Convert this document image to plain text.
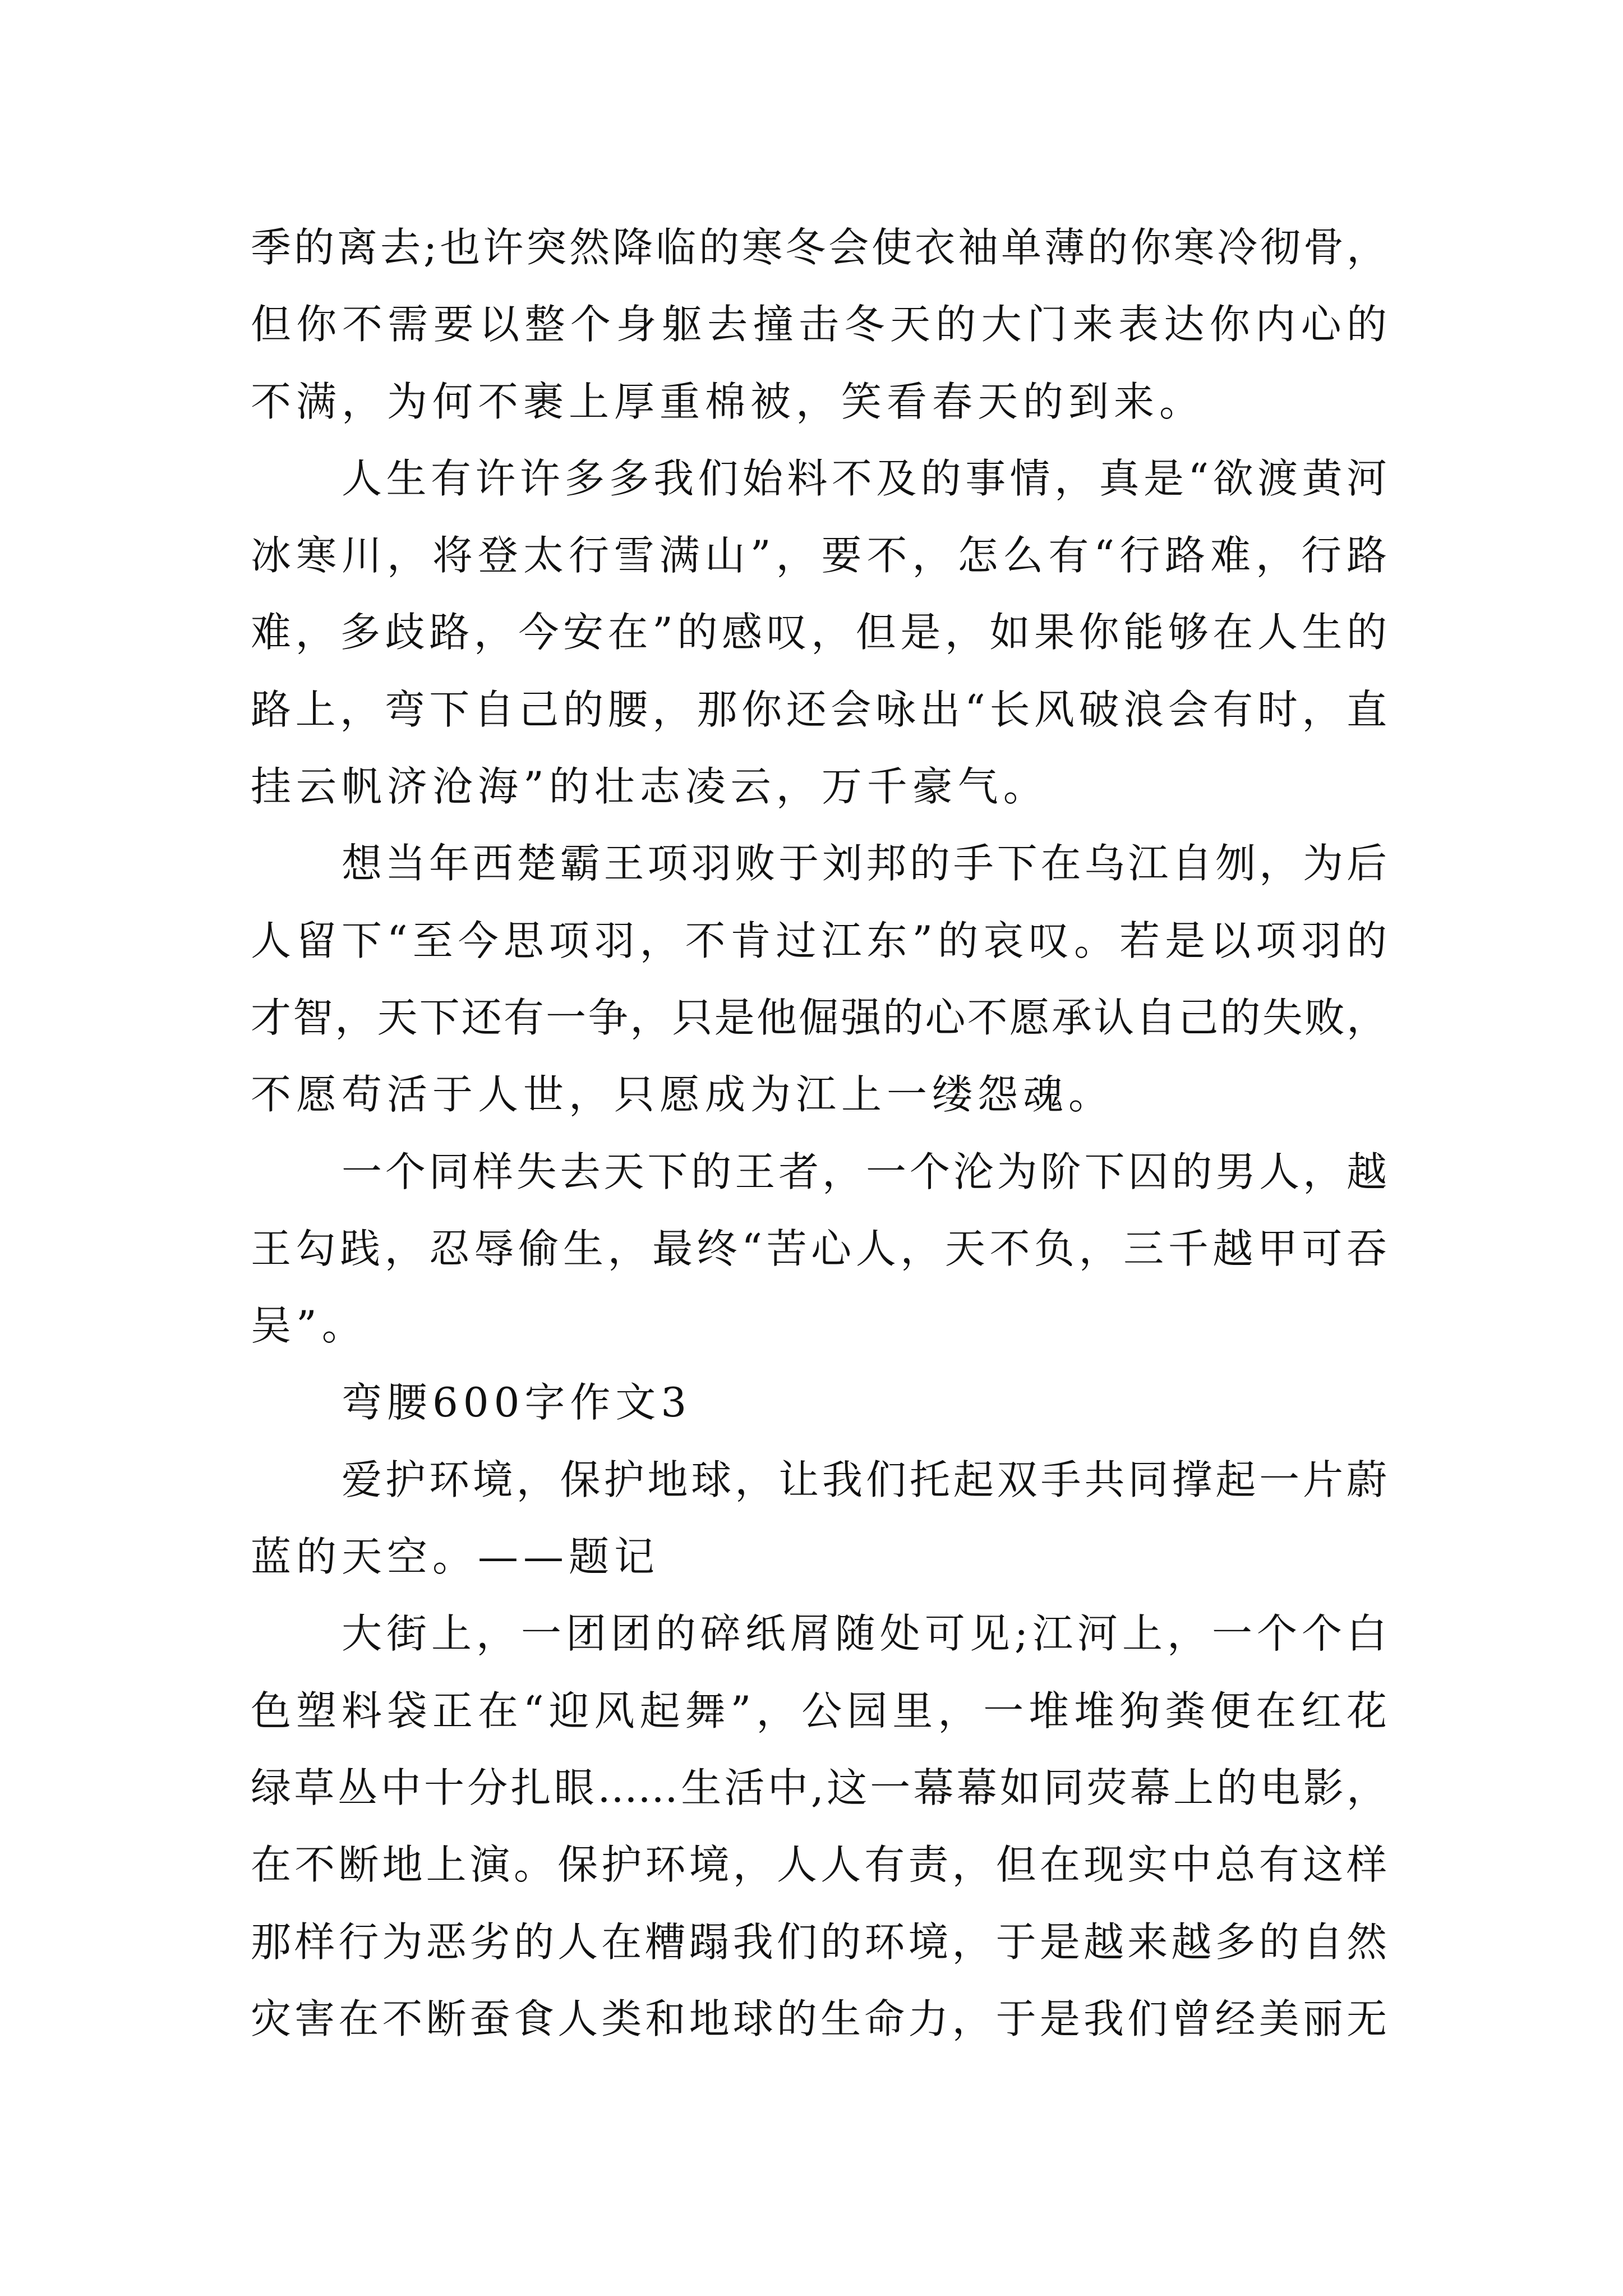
季的离去;也许突然降临的寒冬会使衣袖单薄的你寒冷彻骨，
但你不需要以整个身躯去撞击冬天的大门来表达你内心的
不满，为何不裹上厚重棉被，笑看春天的到来。
人生有许许多多我们始料不及的事情，真是“欲渡黄河
冰寒川，将登太行雪满山”，要不，怎么有“行路难，行路
难，多歧路，今安在”的感叹，但是，如果你能够在人生的
路上，弯下自己的腰，那你还会咏出“长风破浪会有时，直
挂云帆济沧海”的壮志凌云，万千豪气。
想当年西楚霸王项羽败于刘邦的手下在乌江自刎，为后
人留下“至今思项羽，不肯过江东”的哀叹。若是以项羽的
才智，天下还有一争，只是他倔强的心不愿承认自己的失败，
不愿苟活于人世，只愿成为江上一缕怨魂。
一个同样失去天下的王者，一个沦为阶下囚的男人，越
王勾践，忍辱偷生，最终“苦心人，天不负，三千越甲可吞
吴”。
弯腰600字作文3
爱护环境，保护地球，让我们托起双手共同撑起一片蔚
蓝的天空。——题记
大街上，一团团的碎纸屑随处可见;江河上，一个个白
色塑料袋正在“迎风起舞”，公园里，一堆堆狗粪便在红花
绿草丛中十分扎眼……生活中,这一幕幕如同荧幕上的电影，
在不断地上演。保护环境，人人有责，但在现实中总有这样
那样行为恶劣的人在糟蹋我们的环境，于是越来越多的自然
灾害在不断蚕食人类和地球的生命力，于是我们曾经美丽无
